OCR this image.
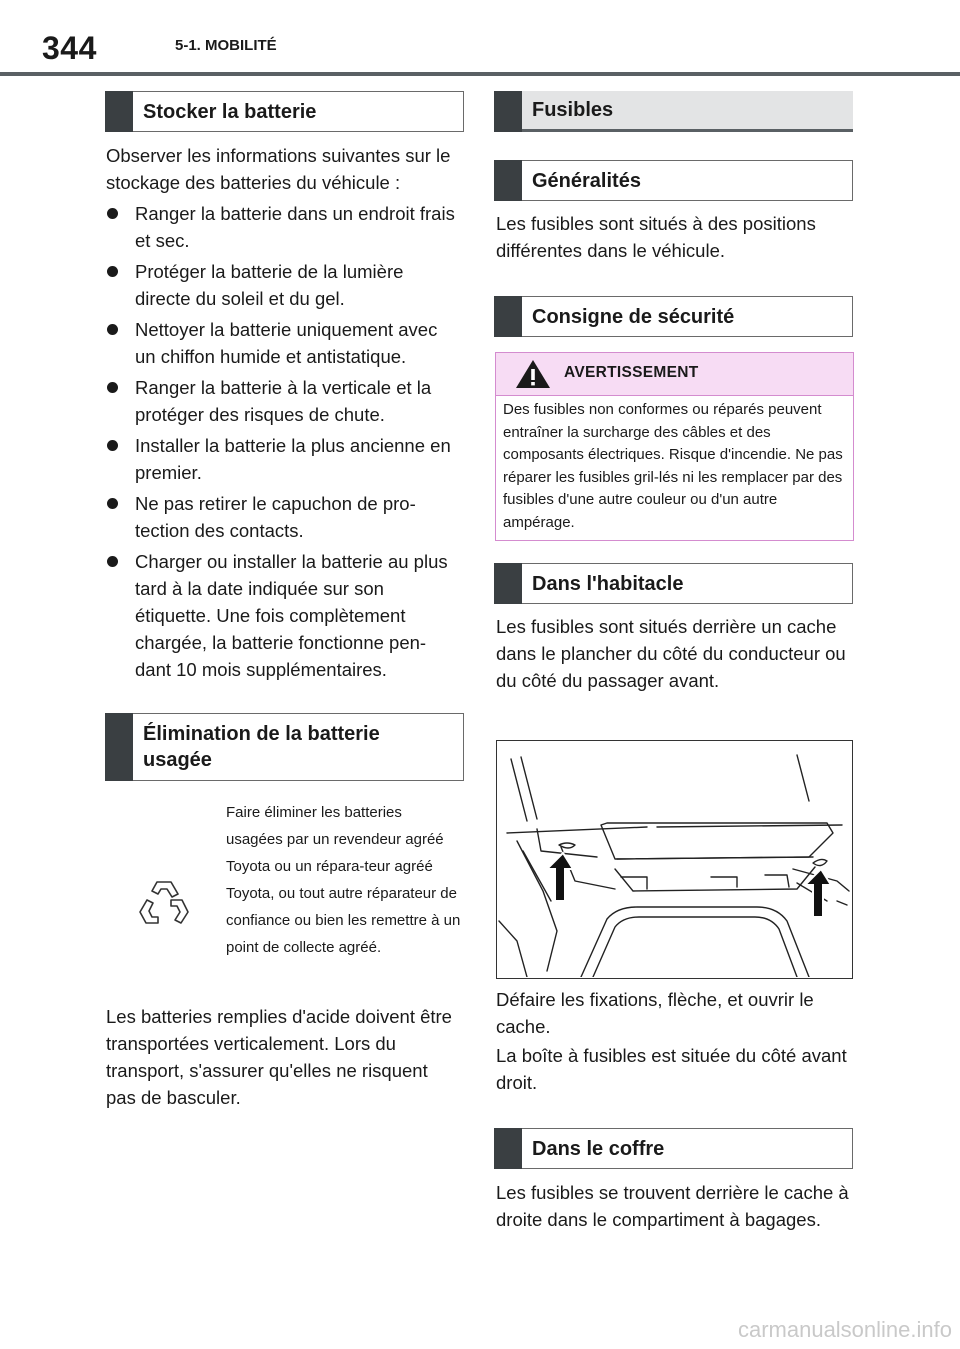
344	5-1. MOBILITÉ
Stocker la batterie
Observer les informations suivantes sur le stockage des batteries du véhicule :
Ranger la batterie dans un endroit frais et sec.
Protéger la batterie de la lumière directe du soleil et du gel.
Nettoyer la batterie uniquement avec un chiffon humide et antistatique.
Ranger la batterie à la verticale et la protéger des risques de chute.
Installer la batterie la plus ancienne en premier.
Ne pas retirer le capuchon de pro-tection des contacts.
Charger ou installer la batterie au plus tard à la date indiquée sur son étiquette. Une fois complètement chargée, la batterie fonctionne pen-dant 10 mois supplémentaires.
Élimination de la batterie usagée
Faire éliminer les batteries usagées par un revendeur agréé Toyota ou un répara-teur agréé Toyota, ou tout autre réparateur de confiance ou bien les remettre à un point de collecte agréé.
Les batteries remplies d'acide doivent être transportées verticalement. Lors du transport, s'assurer qu'elles ne risquent pas de basculer.
Fusibles
Généralités
Les fusibles sont situés à des positions différentes dans le véhicule.
Consigne de sécurité
AVERTISSEMENT
Des fusibles non conformes ou réparés peuvent entraîner la surcharge des câbles et des composants électriques. Risque d'incendie. Ne pas réparer les fusibles gril-lés ni les remplacer par des fusibles d'une autre couleur ou d'un autre ampérage.
Dans l'habitacle
Les fusibles sont situés derrière un cache dans le plancher du côté du conducteur ou du côté du passager avant.
Défaire les fixations, flèche, et ouvrir le cache.
La boîte à fusibles est située du côté avant droit.
Dans le coffre
Les fusibles se trouvent derrière le cache à droite dans le compartiment à bagages.
carmanualsonline.info
